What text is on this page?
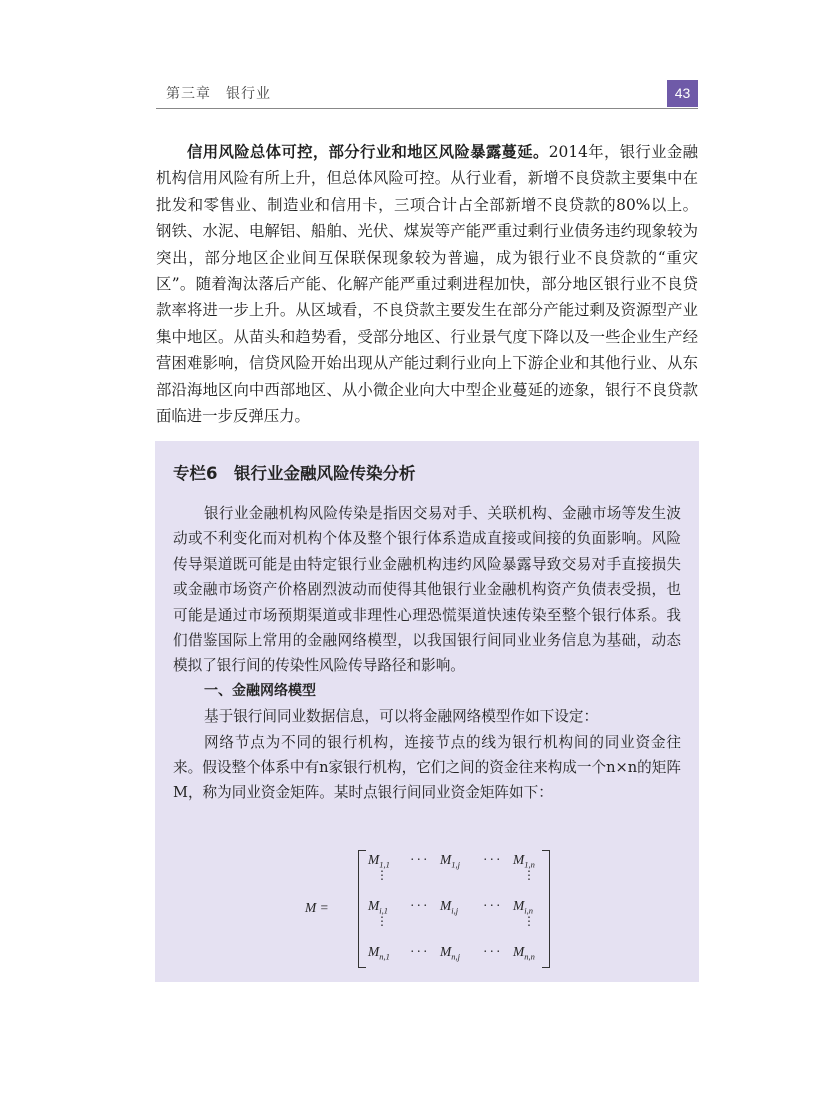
第三章　银行业	43

信用风险总体可控，部分行业和地区风险暴露蔓延。2014年，银行业金融机构信用风险有所上升，但总体风险可控。从行业看，新增不良贷款主要集中在批发和零售业、制造业和信用卡，三项合计占全部新增不良贷款的80%以上。钢铁、水泥、电解铝、船舶、光伏、煤炭等产能严重过剩行业债务违约现象较为突出，部分地区企业间互保联保现象较为普遍，成为银行业不良贷款的“重灾区”。随着淘汰落后产能、化解产能严重过剩进程加快，部分地区银行业不良贷款率将进一步上升。从区域看，不良贷款主要发生在部分产能过剩及资源型产业集中地区。从苗头和趋势看，受部分地区、行业景气度下降以及一些企业生产经营困难影响，信贷风险开始出现从产能过剩行业向上下游企业和其他行业、从东部沿海地区向中西部地区、从小微企业向大中型企业蔓延的迹象，银行不良贷款面临进一步反弹压力。

专栏6　银行业金融风险传染分析

银行业金融机构风险传染是指因交易对手、关联机构、金融市场等发生波动或不利变化而对机构个体及整个银行体系造成直接或间接的负面影响。风险传导渠道既可能是由特定银行业金融机构违约风险暴露导致交易对手直接损失或金融市场资产价格剧烈波动而使得其他银行业金融机构资产负债表受损，也可能是通过市场预期渠道或非理性心理恐慌渠道快速传染至整个银行体系。我们借鉴国际上常用的金融网络模型，以我国银行间同业业务信息为基础，动态模拟了银行间的传染性风险传导路径和影响。

一、金融网络模型

基于银行间同业数据信息，可以将金融网络模型作如下设定：

网络节点为不同的银行机构，连接节点的线为银行机构间的同业资金往来。假设整个体系中有n家银行机构，它们之间的资金往来构成一个n×n的矩阵M，称为同业资金矩阵。某时点银行间同业资金矩阵如下：

M =
$M_{1,1}$ ··· $M_{1,j}$ ··· $M_{1,n}$
⋮	⋮
$M_{i,1}$ ··· $M_{i,j}$ ··· $M_{i,n}$
⋮	⋮
$M_{n,1}$ ··· $M_{n,j}$ ··· $M_{n,n}$
